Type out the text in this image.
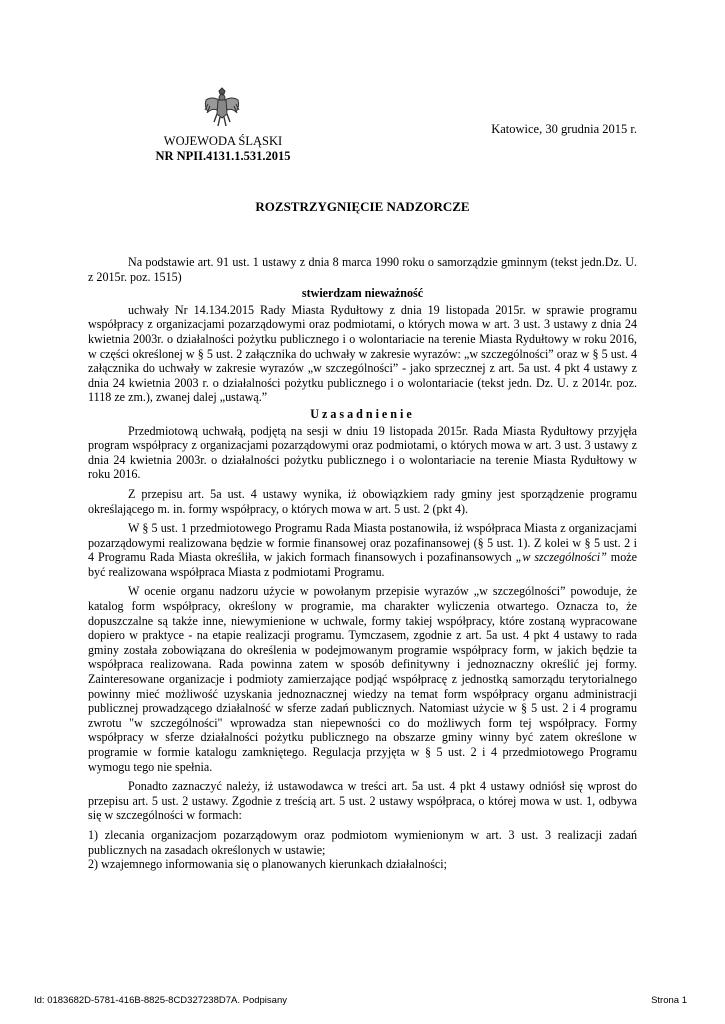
WOJEWODA ŚLĄSKI
NR NPII.4131.1.531.2015
Katowice, 30 grudnia 2015 r.
ROZSTRZYGNIĘCIE NADZORCZE

Na podstawie art. 91 ust. 1 ustawy z dnia 8 marca 1990 roku o samorządzie gminnym (tekst jedn.Dz. U. z 2015r. poz. 1515)

stwierdzam nieważność

uchwały Nr 14.134.2015 Rady Miasta Rydułtowy z dnia 19 listopada 2015r. w sprawie programu współpracy z organizacjami pozarządowymi oraz podmiotami, o których mowa w art. 3 ust. 3 ustawy z dnia 24 kwietnia 2003r. o działalności pożytku publicznego i o wolontariacie na terenie Miasta Rydułtowy w roku 2016, w części określonej w § 5 ust. 2 załącznika do uchwały w zakresie wyrazów: „w szczególności” oraz w § 5 ust. 4 załącznika do uchwały w zakresie wyrazów „w szczególności” - jako sprzecznej z art. 5a ust. 4 pkt 4 ustawy z dnia 24 kwietnia 2003 r. o działalności pożytku publicznego i o wolontariacie (tekst jedn. Dz. U. z 2014r. poz. 1118 ze zm.), zwanej dalej „ustawą.”

Uzasadnienie

Przedmiotową uchwałą, podjętą na sesji w dniu 19 listopada 2015r. Rada Miasta Rydułtowy przyjęła program współpracy z organizacjami pozarządowymi oraz podmiotami, o których mowa w art. 3 ust. 3 ustawy z dnia 24 kwietnia 2003r. o działalności pożytku publicznego i o wolontariacie na terenie Miasta Rydułtowy w roku 2016.

Z przepisu art. 5a ust. 4 ustawy wynika, iż obowiązkiem rady gminy jest sporządzenie programu określającego m. in. formy współpracy, o których mowa w art. 5 ust. 2 (pkt 4).

W § 5 ust. 1 przedmiotowego Programu Rada Miasta postanowiła, iż współpraca Miasta z organizacjami pozarządowymi realizowana będzie w formie finansowej oraz pozafinansowej (§ 5 ust. 1). Z kolei w § 5 ust. 2 i 4 Programu Rada Miasta określiła, w jakich formach finansowych i pozafinansowych „w szczególności” może być realizowana współpraca Miasta z podmiotami Programu.

W ocenie organu nadzoru użycie w powołanym przepisie wyrazów „w szczególności” powoduje, że katalog form współpracy, określony w programie, ma charakter wyliczenia otwartego. Oznacza to, że dopuszczalne są także inne, niewymienione w uchwale, formy takiej współpracy, które zostaną wypracowane dopiero w praktyce - na etapie realizacji programu. Tymczasem, zgodnie z art. 5a ust. 4 pkt 4 ustawy to rada gminy została zobowiązana do określenia w podejmowanym programie współpracy form, w jakich będzie ta współpraca realizowana. Rada powinna zatem w sposób definitywny i jednoznaczny określić jej formy. Zainteresowane organizacje i podmioty zamierzające podjąć współpracę z jednostką samorządu terytorialnego powinny mieć możliwość uzyskania jednoznacznej wiedzy na temat form współpracy organu administracji publicznej prowadzącego działalność w sferze zadań publicznych. Natomiast użycie w § 5 ust. 2 i 4 programu zwrotu "w szczególności" wprowadza stan niepewności co do możliwych form tej współpracy. Formy współpracy w sferze działalności pożytku publicznego na obszarze gminy winny być zatem określone w programie w formie katalogu zamkniętego. Regulacja przyjęta w § 5 ust. 2 i 4 przedmiotowego Programu wymogu tego nie spełnia.

Ponadto zaznaczyć należy, iż ustawodawca w treści art. 5a ust. 4 pkt 4 ustawy odniósł się wprost do przepisu art. 5 ust. 2 ustawy. Zgodnie z treścią art. 5 ust. 2 ustawy współpraca, o której mowa w ust. 1, odbywa się w szczególności w formach:

1) zlecania organizacjom pozarządowym oraz podmiotom wymienionym w art. 3 ust. 3 realizacji zadań publicznych na zasadach określonych w ustawie;

2) wzajemnego informowania się o planowanych kierunkach działalności;

Id: 0183682D-5781-416B-8825-8CD327238D7A. Podpisany	Strona 1
